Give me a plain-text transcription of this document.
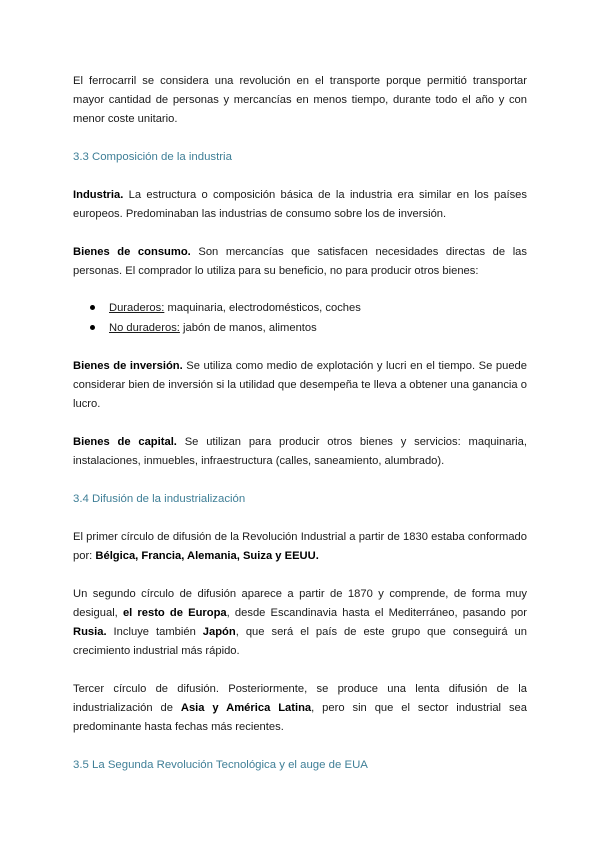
El ferrocarril se considera una revolución en el transporte porque permitió transportar mayor cantidad de personas y mercancías en menos tiempo, durante todo el año y con menor coste unitario.

3.3 Composición de la industria

Industria. La estructura o composición básica de la industria era similar en los países europeos. Predominaban las industrias de consumo sobre los de inversión.

Bienes de consumo. Son mercancías que satisfacen necesidades directas de las personas. El comprador lo utiliza para su beneficio, no para producir otros bienes:

Duraderos: maquinaria, electrodomésticos, coches
No duraderos: jabón de manos, alimentos

Bienes de inversión. Se utiliza como medio de explotación y lucri en el tiempo. Se puede considerar bien de inversión si la utilidad que desempeña te lleva a obtener una ganancia o lucro.

Bienes de capital. Se utilizan para producir otros bienes y servicios: maquinaria, instalaciones, inmuebles, infraestructura (calles, saneamiento, alumbrado).

3.4 Difusión de la industrialización

El primer círculo de difusión de la Revolución Industrial a partir de 1830 estaba conformado por: Bélgica, Francia, Alemania, Suiza y EEUU.

Un segundo círculo de difusión aparece a partir de 1870 y comprende, de forma muy desigual, el resto de Europa, desde Escandinavia hasta el Mediterráneo, pasando por Rusia. Incluye también Japón, que será el país de este grupo que conseguirá un crecimiento industrial más rápido.

Tercer círculo de difusión. Posteriormente, se produce una lenta difusión de la industrialización de Asia y América Latina, pero sin que el sector industrial sea predominante hasta fechas más recientes.

3.5 La Segunda Revolución Tecnológica y el auge de EUA
